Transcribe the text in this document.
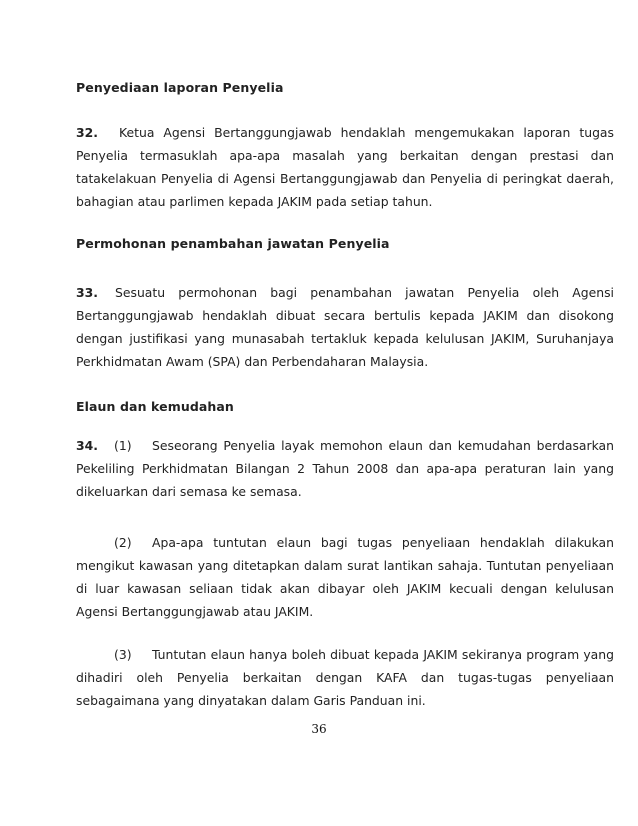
Penyediaan laporan Penyelia
32. Ketua Agensi Bertanggungjawab hendaklah mengemukakan laporan tugas Penyelia termasuklah apa-apa masalah yang berkaitan dengan prestasi dan tatakelakuan Penyelia di Agensi Bertanggungjawab dan Penyelia di peringkat daerah, bahagian atau parlimen kepada JAKIM pada setiap tahun.
Permohonan penambahan jawatan Penyelia
33. Sesuatu permohonan bagi penambahan jawatan Penyelia oleh Agensi Bertanggungjawab hendaklah dibuat secara bertulis kepada JAKIM dan disokong dengan justifikasi yang munasabah tertakluk kepada kelulusan JAKIM, Suruhanjaya Perkhidmatan Awam (SPA) dan Perbendaharan Malaysia.
Elaun dan kemudahan
34. (1) Seseorang Penyelia layak memohon elaun dan kemudahan berdasarkan Pekeliling Perkhidmatan Bilangan 2 Tahun 2008 dan apa-apa peraturan lain yang dikeluarkan dari semasa ke semasa.
(2) Apa-apa tuntutan elaun bagi tugas penyeliaan hendaklah dilakukan mengikut kawasan yang ditetapkan dalam surat lantikan sahaja. Tuntutan penyeliaan di luar kawasan seliaan tidak akan dibayar oleh JAKIM kecuali dengan kelulusan Agensi Bertanggungjawab atau JAKIM.
(3) Tuntutan elaun hanya boleh dibuat kepada JAKIM sekiranya program yang dihadiri oleh Penyelia berkaitan dengan KAFA dan tugas-tugas penyeliaan sebagaimana yang dinyatakan dalam Garis Panduan ini.
36
